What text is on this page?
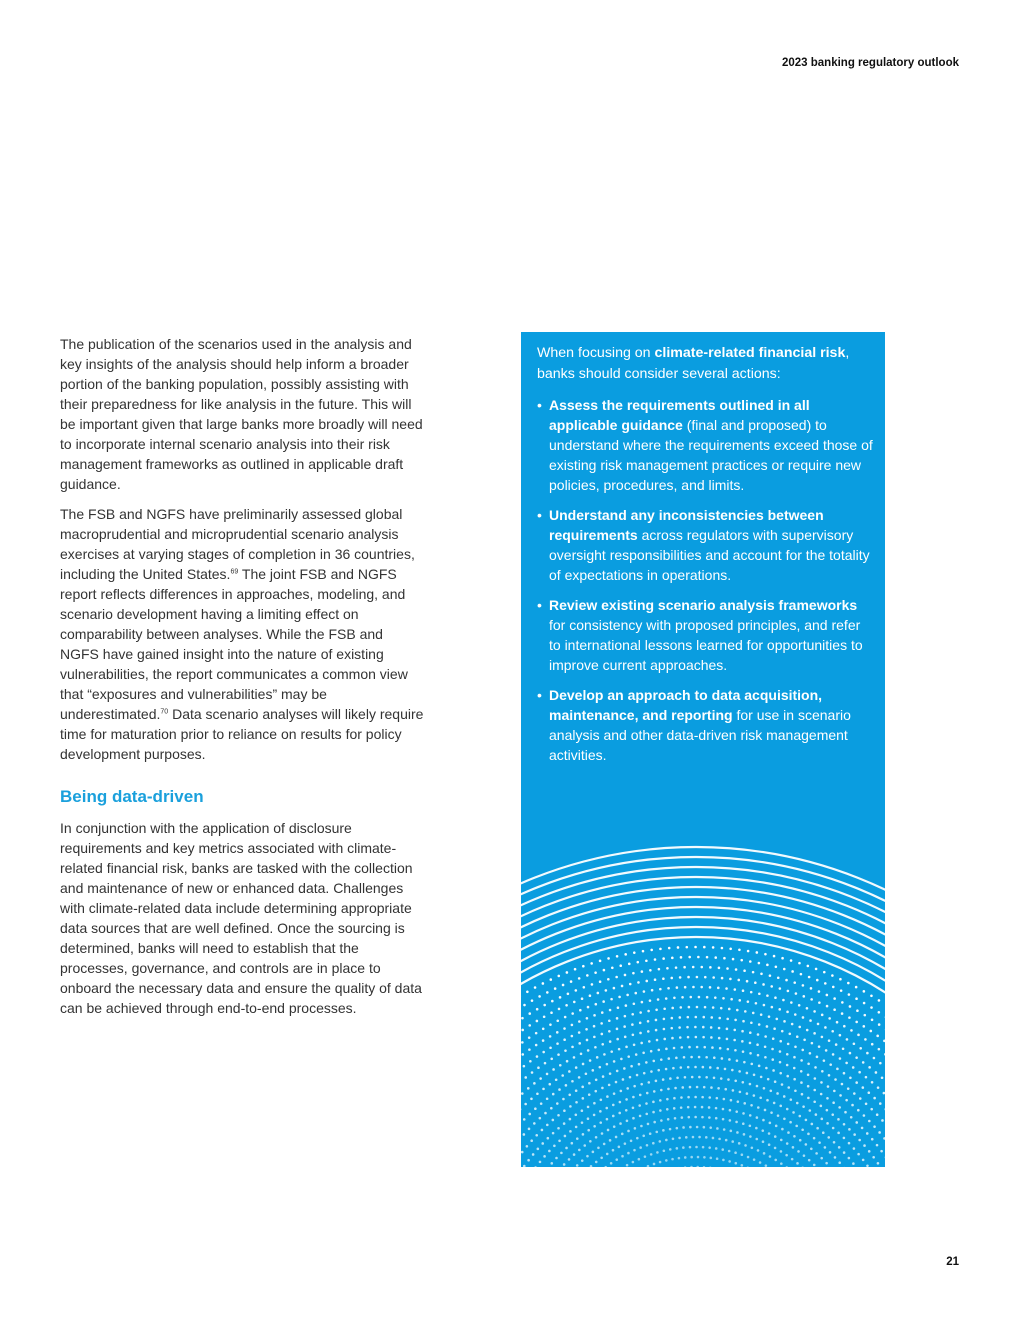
2023 banking regulatory outlook

The publication of the scenarios used in the analysis and key insights of the analysis should help inform a broader portion of the banking population, possibly assisting with their preparedness for like analysis in the future. This will be important given that large banks more broadly will need to incorporate internal scenario analysis into their risk management frameworks as outlined in applicable draft guidance.

The FSB and NGFS have preliminarily assessed global macroprudential and microprudential scenario analysis exercises at varying stages of completion in 36 countries, including the United States.$^{69}$ The joint FSB and NGFS report reflects differences in approaches, modeling, and scenario development having a limiting effect on comparability between analyses. While the FSB and NGFS have gained insight into the nature of existing vulnerabilities, the report communicates a common view that “exposures and vulnerabilities” may be underestimated.$^{70}$ Data scenario analyses will likely require time for maturation prior to reliance on results for policy development purposes.

Being data-driven

In conjunction with the application of disclosure requirements and key metrics associated with climate-related financial risk, banks are tasked with the collection and maintenance of new or enhanced data. Challenges with climate-related data include determining appropriate data sources that are well defined. Once the sourcing is determined, banks will need to establish that the processes, governance, and controls are in place to onboard the necessary data and ensure the quality of data can be achieved through end-to-end processes.

When focusing on climate-related financial risk, banks should consider several actions:

• Assess the requirements outlined in all applicable guidance (final and proposed) to understand where the requirements exceed those of existing risk management practices or require new policies, procedures, and limits.
• Understand any inconsistencies between requirements across regulators with supervisory oversight responsibilities and account for the totality of expectations in operations.
• Review existing scenario analysis frameworks for consistency with proposed principles, and refer to international lessons learned for opportunities to improve current approaches.
• Develop an approach to data acquisition, maintenance, and reporting for use in scenario analysis and other data-driven risk management activities.
21
